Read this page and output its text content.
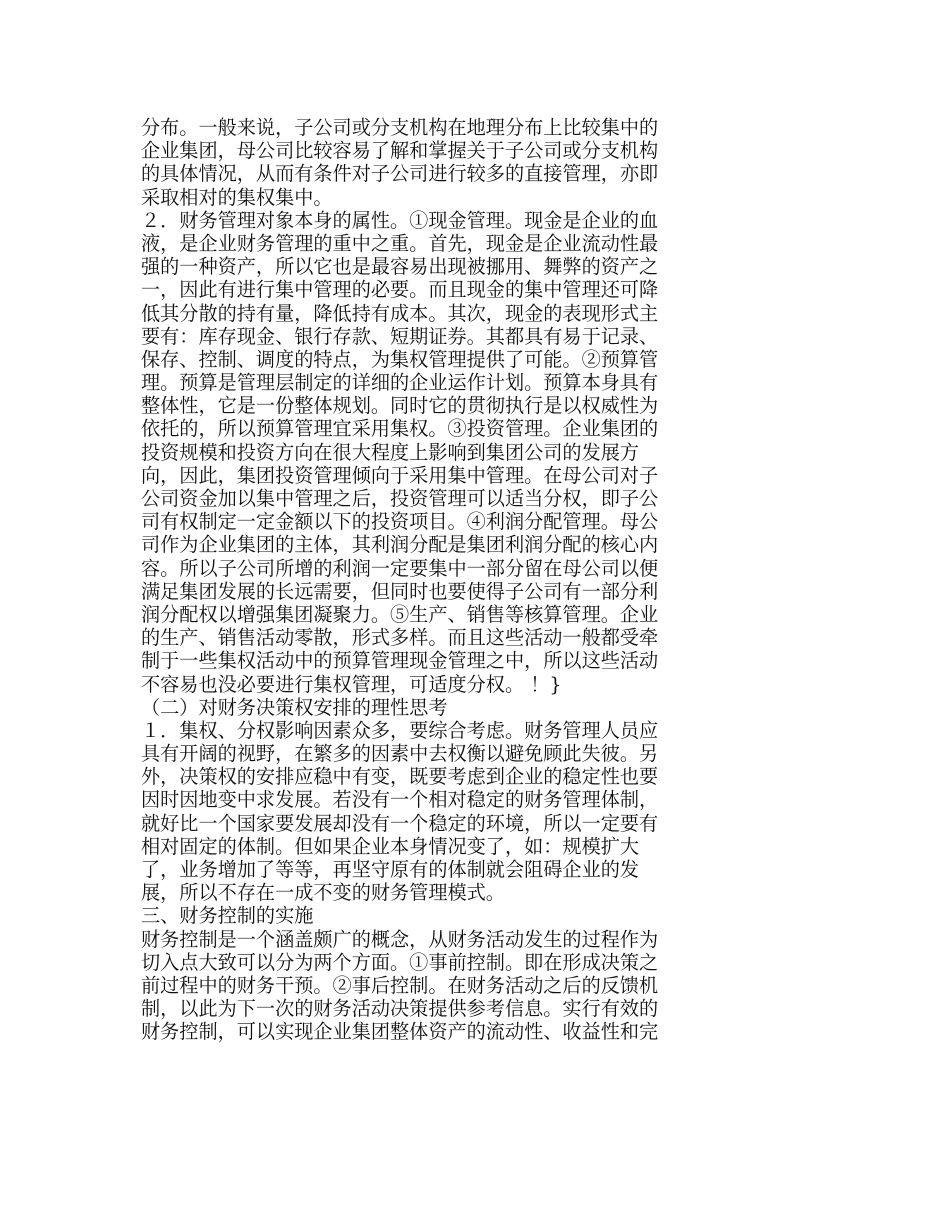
分布。一般来说，子公司或分支机构在地理分布上比较集中的
企业集团，母公司比较容易了解和掌握关于子公司或分支机构
的具体情况，从而有条件对子公司进行较多的直接管理，亦即
采取相对的集权集中。
２．财务管理对象本身的属性。①现金管理。现金是企业的血
液，是企业财务管理的重中之重。首先，现金是企业流动性最
强的一种资产，所以它也是最容易出现被挪用、舞弊的资产之
一，因此有进行集中管理的必要。而且现金的集中管理还可降
低其分散的持有量，降低持有成本。其次，现金的表现形式主
要有：库存现金、银行存款、短期证券。其都具有易于记录、
保存、控制、调度的特点，为集权管理提供了可能。②预算管
理。预算是管理层制定的详细的企业运作计划。预算本身具有
整体性，它是一份整体规划。同时它的贯彻执行是以权威性为
依托的，所以预算管理宜采用集权。③投资管理。企业集团的
投资规模和投资方向在很大程度上影响到集团公司的发展方
向，因此，集团投资管理倾向于采用集中管理。在母公司对子
公司资金加以集中管理之后，投资管理可以适当分权，即子公
司有权制定一定金额以下的投资项目。④利润分配管理。母公
司作为企业集团的主体，其利润分配是集团利润分配的核心内
容。所以子公司所增的利润一定要集中一部分留在母公司以便
满足集团发展的长远需要，但同时也要使得子公司有一部分利
润分配权以增强集团凝聚力。⑤生产、销售等核算管理。企业
的生产、销售活动零散，形式多样。而且这些活动一般都受牵
制于一些集权活动中的预算管理现金管理之中，所以这些活动
不容易也没必要进行集权管理，可适度分权。 ！}
（二）对财务决策权安排的理性思考
１．集权、分权影响因素众多，要综合考虑。财务管理人员应
具有开阔的视野，在繁多的因素中去权衡以避免顾此失彼。另
外，决策权的安排应稳中有变，既要考虑到企业的稳定性也要
因时因地变中求发展。若没有一个相对稳定的财务管理体制，
就好比一个国家要发展却没有一个稳定的环境，所以一定要有
相对固定的体制。但如果企业本身情况变了，如：规模扩大
了，业务增加了等等，再坚守原有的体制就会阻碍企业的发
展，所以不存在一成不变的财务管理模式。
三、财务控制的实施
财务控制是一个涵盖颇广的概念，从财务活动发生的过程作为
切入点大致可以分为两个方面。①事前控制。即在形成决策之
前过程中的财务干预。②事后控制。在财务活动之后的反馈机
制，以此为下一次的财务活动决策提供参考信息。实行有效的
财务控制，可以实现企业集团整体资产的流动性、收益性和完
